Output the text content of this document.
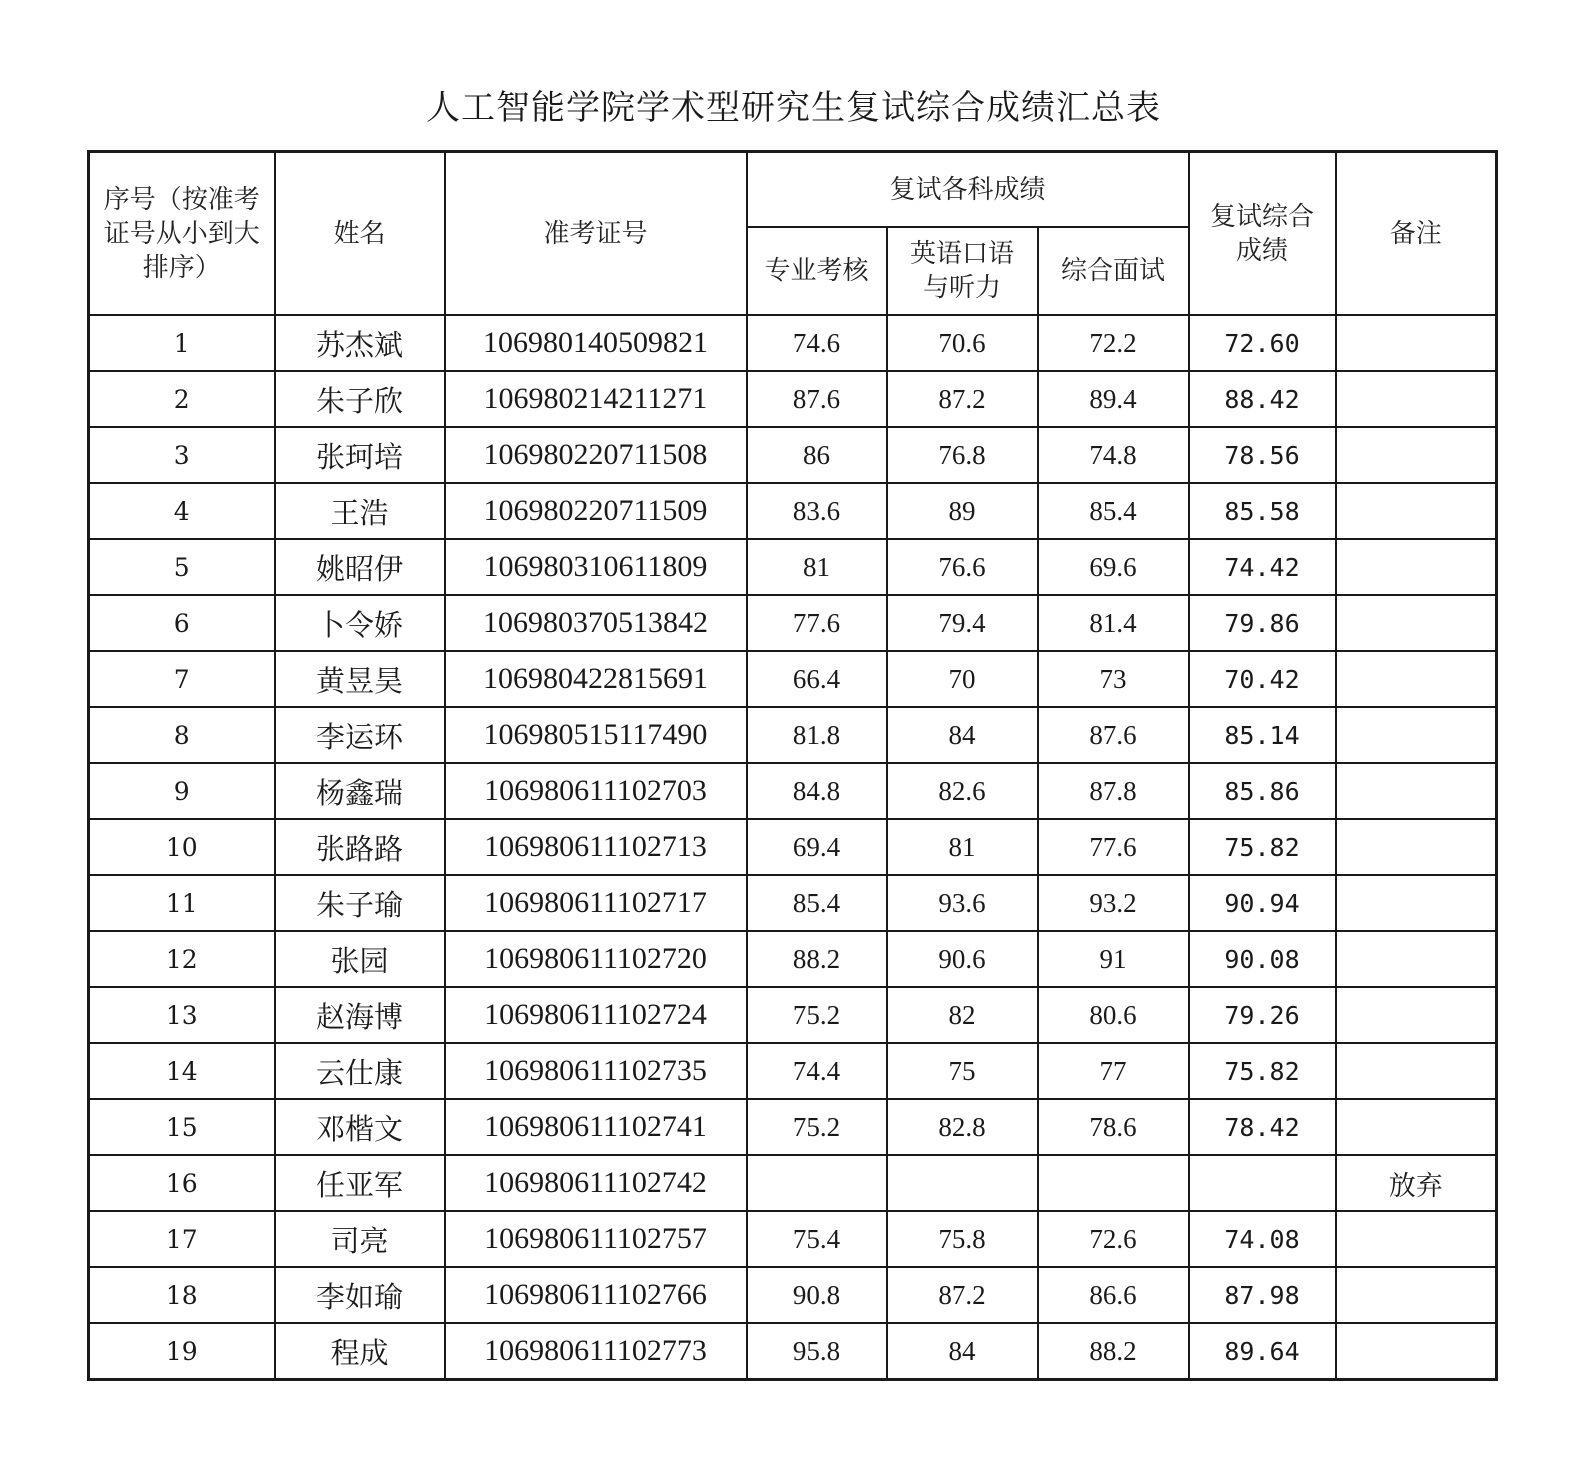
人工智能学院学术型研究生复试综合成绩汇总表
序号（按准考证号从小到大排序）	姓名	准考证号	复试各科成绩			复试综合成绩	备注
			专业考核	英语口语与听力	综合面试		
1	苏杰斌	106980140509821	74.6	70.6	72.2	72.60	
2	朱子欣	106980214211271	87.6	87.2	89.4	88.42	
3	张珂培	106980220711508	86	76.8	74.8	78.56	
4	王浩	106980220711509	83.6	89	85.4	85.58	
5	姚昭伊	106980310611809	81	76.6	69.6	74.42	
6	卜令娇	106980370513842	77.6	79.4	81.4	79.86	
7	黄昱昊	106980422815691	66.4	70	73	70.42	
8	李运环	106980515117490	81.8	84	87.6	85.14	
9	杨鑫瑞	106980611102703	84.8	82.6	87.8	85.86	
10	张路路	106980611102713	69.4	81	77.6	75.82	
11	朱子瑜	106980611102717	85.4	93.6	93.2	90.94	
12	张园	106980611102720	88.2	90.6	91	90.08	
13	赵海博	106980611102724	75.2	82	80.6	79.26	
14	云仕康	106980611102735	74.4	75	77	75.82	
15	邓楷文	106980611102741	75.2	82.8	78.6	78.42	
16	任亚军	106980611102742					放弃
17	司亮	106980611102757	75.4	75.8	72.6	74.08	
18	李如瑜	106980611102766	90.8	87.2	86.6	87.98	
19	程成	106980611102773	95.8	84	88.2	89.64	
